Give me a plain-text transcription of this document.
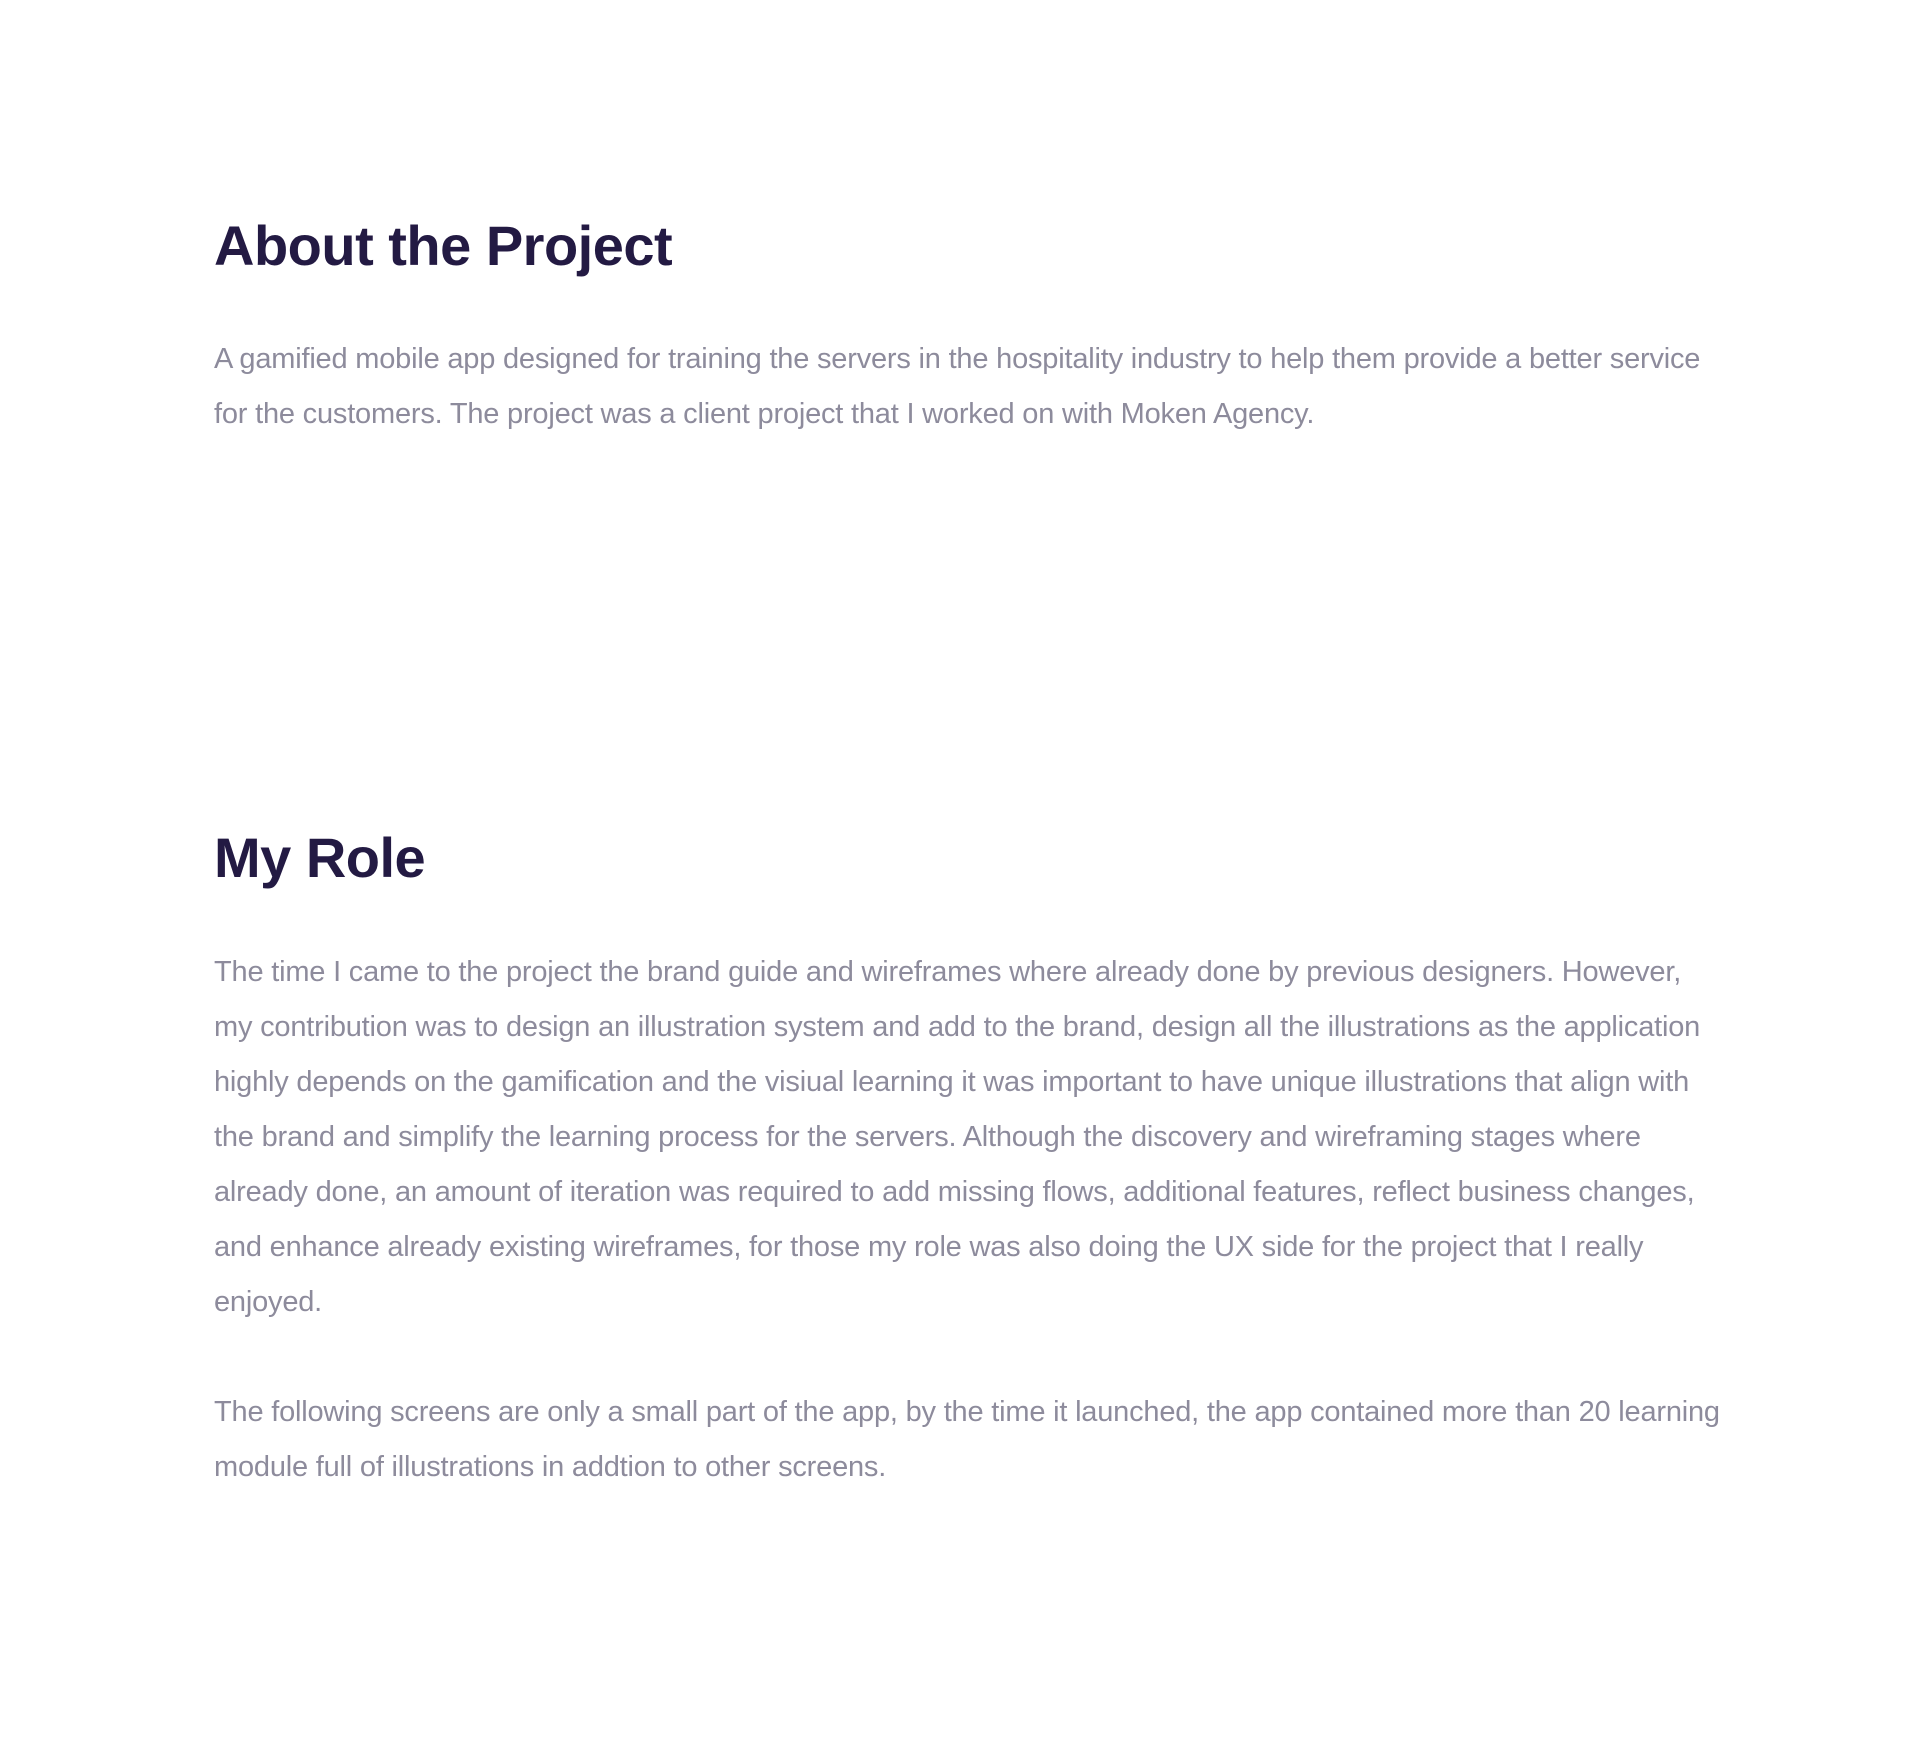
About the Project

A gamified mobile app designed for training the servers in the hospitality industry to help them provide a better service for the customers. The project was a client project that I worked on with Moken Agency.

My Role

The time I came to the project the brand guide and wireframes where already done by previous designers. However, my contribution was to design an illustration system and add to the brand, design all the illustrations as the application highly depends on the gamification and the visiual learning it was important to have unique illustrations that align with the brand and simplify the learning process for the servers. Although the discovery and wireframing stages where already done, an amount of iteration was required to add missing flows, additional features, reflect business changes, and enhance already existing wireframes, for those my role was also doing the UX side for the project that I really enjoyed.

The following screens are only a small part of the app, by the time it launched, the app contained more than 20 learning module full of illustrations in addtion to other screens.
